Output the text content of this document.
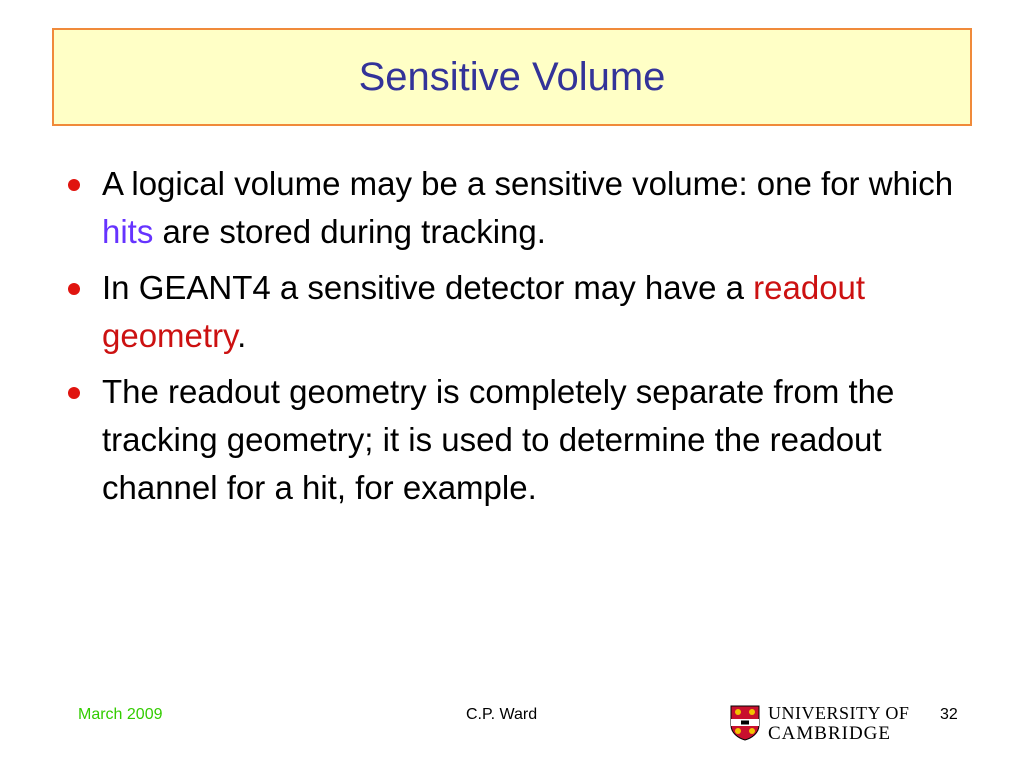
Sensitive Volume
A logical volume may be a sensitive volume: one for which hits are stored during tracking.
In GEANT4 a sensitive detector may have a readout geometry.
The readout geometry is completely separate from the tracking geometry; it is used to determine the readout channel for a hit, for example.
March 2009	C.P. Ward	UNIVERSITY OF
CAMBRIDGE
32
